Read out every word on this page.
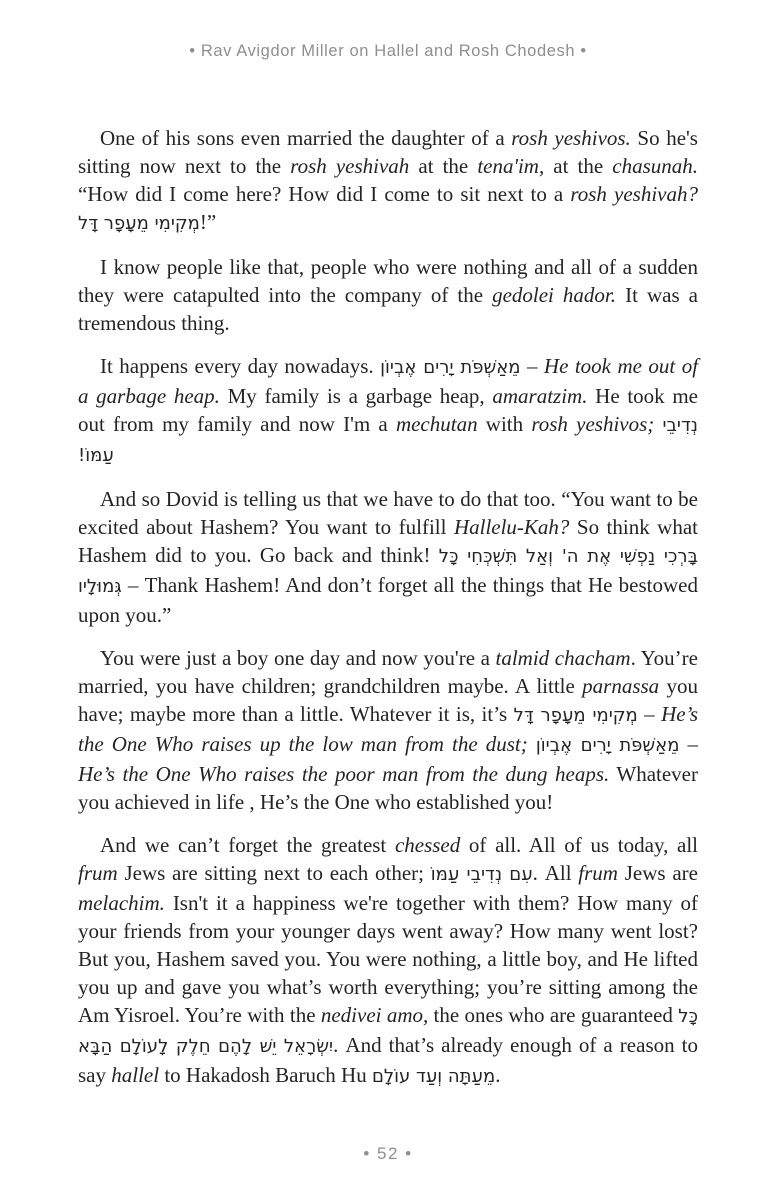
• Rav Avigdor Miller on Hallel and Rosh Chodesh •

One of his sons even married the daughter of a rosh yeshivos. So he's sitting now next to the rosh yeshivah at the tena'im, at the chasunah. “How did I come here? How did I come to sit next to a rosh yeshivah? מְקִימִי מֵעָפָר דָּל!”

I know people like that, people who were nothing and all of a sudden they were catapulted into the company of the gedolei hador. It was a tremendous thing.

It happens every day nowadays. מֵאַשְׁפֹּת יָרִים אֶבְיוֹן – He took me out of a garbage heap. My family is a garbage heap, amaratzim. He took me out from my family and now I'm a mechutan with rosh yeshivos; נְדִיבֵי עַמּוֹ!

And so Dovid is telling us that we have to do that too. “You want to be excited about Hashem? You want to fulfill Hallelu-Kah? So think what Hashem did to you. Go back and think! בָּרְכִי נַפְשִׁי אֶת ה' וְאַל תִּשְׁכְּחִי כָּל גְּמוּלָיו – Thank Hashem! And don’t forget all the things that He bestowed upon you.”

You were just a boy one day and now you're a talmid chacham. You’re married, you have children; grandchildren maybe. A little parnassa you have; maybe more than a little. Whatever it is, it’s מְקִימִי מֵעָפָר דָּל – He’s the One Who raises up the low man from the dust; מֵאַשְׁפֹּת יָרִים אֶבְיוֹן – He’s the One Who raises the poor man from the dung heaps. Whatever you achieved in life , He’s the One who established you!

And we can’t forget the greatest chessed of all. All of us today, all frum Jews are sitting next to each other; עִם נְדִיבֵי עַמּוֹ. All frum Jews are melachim. Isn't it a happiness we're together with them? How many of your friends from your younger days went away? How many went lost? But you, Hashem saved you. You were nothing, a little boy, and He lifted you up and gave you what’s worth everything; you’re sitting among the Am Yisroel. You’re with the nedivei amo, the ones who are guaranteed כָּל יִשְׂרָאֵל יֵשׁ לָהֶם חֵלֶק לָעוֹלָם הַבָּא. And that’s already enough of a reason to say hallel to Hakadosh Baruch Hu מֵעַתָּה וְעַד עוֹלָם.

• 52 •
